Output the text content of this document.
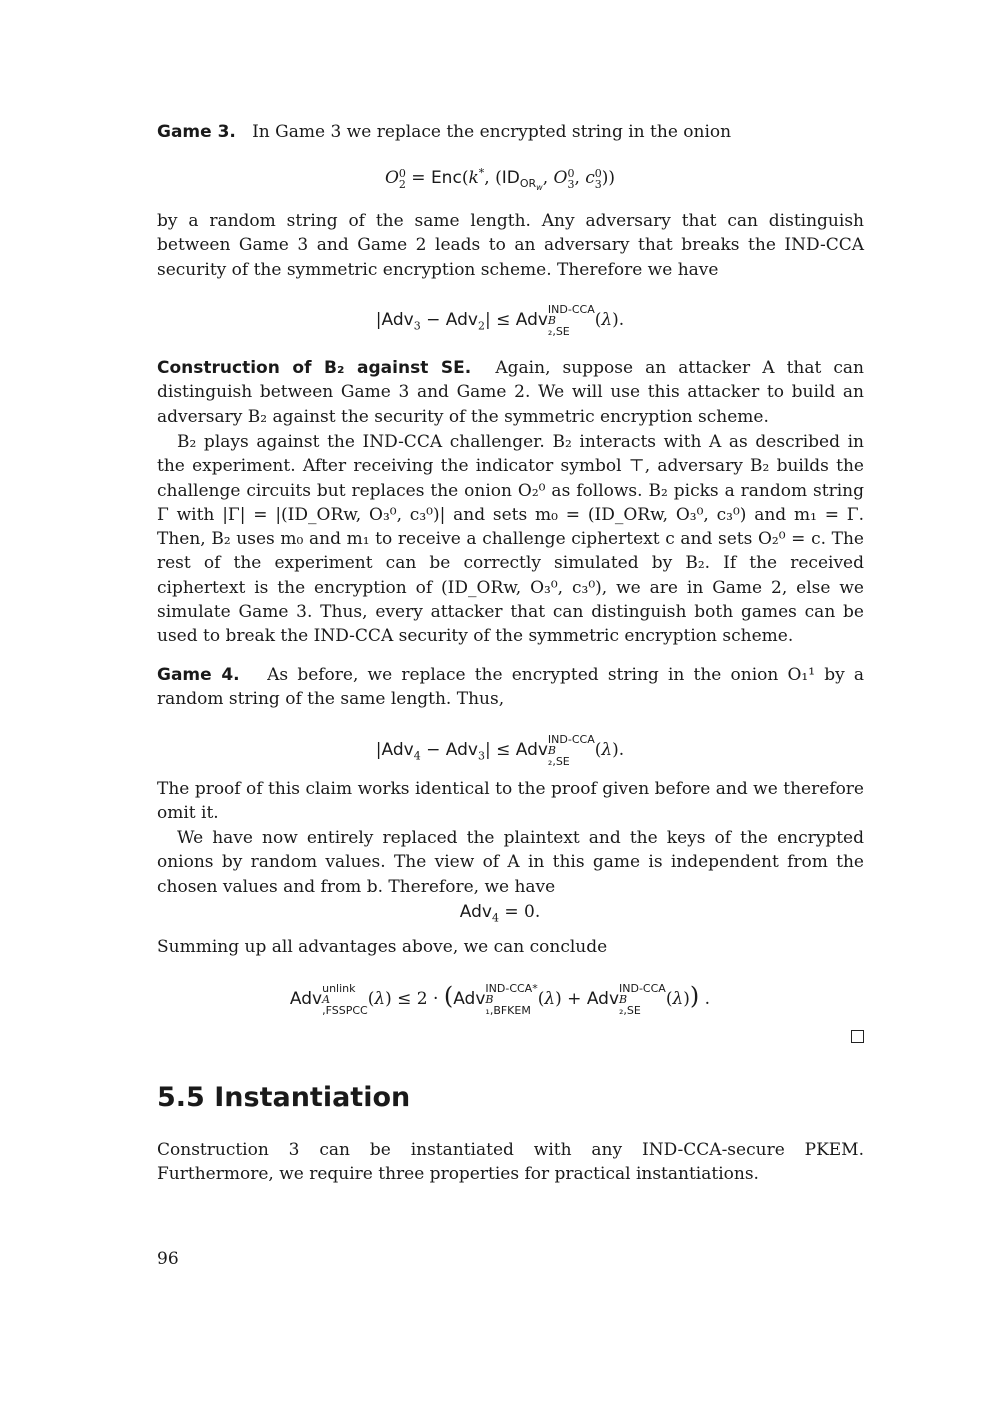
Game 3. In Game 3 we replace the encrypted string in the onion
O 0
2 = Enc(k*, ($ID_{OR_w}$, O 0
3 , c 0
3 ))

by a random string of the same length. Any adversary that can distinguish between Game 3 and Game 2 leads to an adversary that breaks the IND-CCA security of the symmetric encryption scheme. Therefore we have

|Adv$_3$ − Adv$_2$| ≤ Adv
IND-CCA
B
₂,SE
(λ).

Construction of B₂ against SE. Again, suppose an attacker A that can distinguish between Game 3 and Game 2. We will use this attacker to build an adversary B₂ against the security of the symmetric encryption scheme.

B₂ plays against the IND-CCA challenger. B₂ interacts with A as described in the experiment. After receiving the indicator symbol ⊤, adversary B₂ builds the challenge circuits but replaces the onion O₂⁰ as follows. B₂ picks a random string Γ with |Γ| = |(ID_ORw, O₃⁰, c₃⁰)| and sets m₀ = (ID_ORw, O₃⁰, c₃⁰) and m₁ = Γ. Then, B₂ uses m₀ and m₁ to receive a challenge ciphertext c and sets O₂⁰ = c. The rest of the experiment can be correctly simulated by B₂. If the received ciphertext is the encryption of (ID_ORw, O₃⁰, c₃⁰), we are in Game 2, else we simulate Game 3. Thus, every attacker that can distinguish both games can be used to break the IND-CCA security of the symmetric encryption scheme.

Game 4. As before, we replace the encrypted string in the onion O₁¹ by a random string of the same length. Thus,

|Adv$_4$ − Adv$_3$| ≤ Adv
IND-CCA
B
₂,SE
(λ).

The proof of this claim works identical to the proof given before and we therefore omit it.

We have now entirely replaced the plaintext and the keys of the encrypted onions by random values. The view of A in this game is independent from the chosen values and from b. Therefore, we have

Adv$_4$ = 0.
Summing up all advantages above, we can conclude
Adv
unlink
A
,FSSPCC
(λ) ≤ 2 · (Adv
IND-CCA*
B
₁,BFKEM
(λ) + Adv
IND-CCA
B
₂,SE
(λ)) .
5.5 Instantiation

Construction 3 can be instantiated with any IND-CCA-secure PKEM. Furthermore, we require three properties for practical instantiations.

96
